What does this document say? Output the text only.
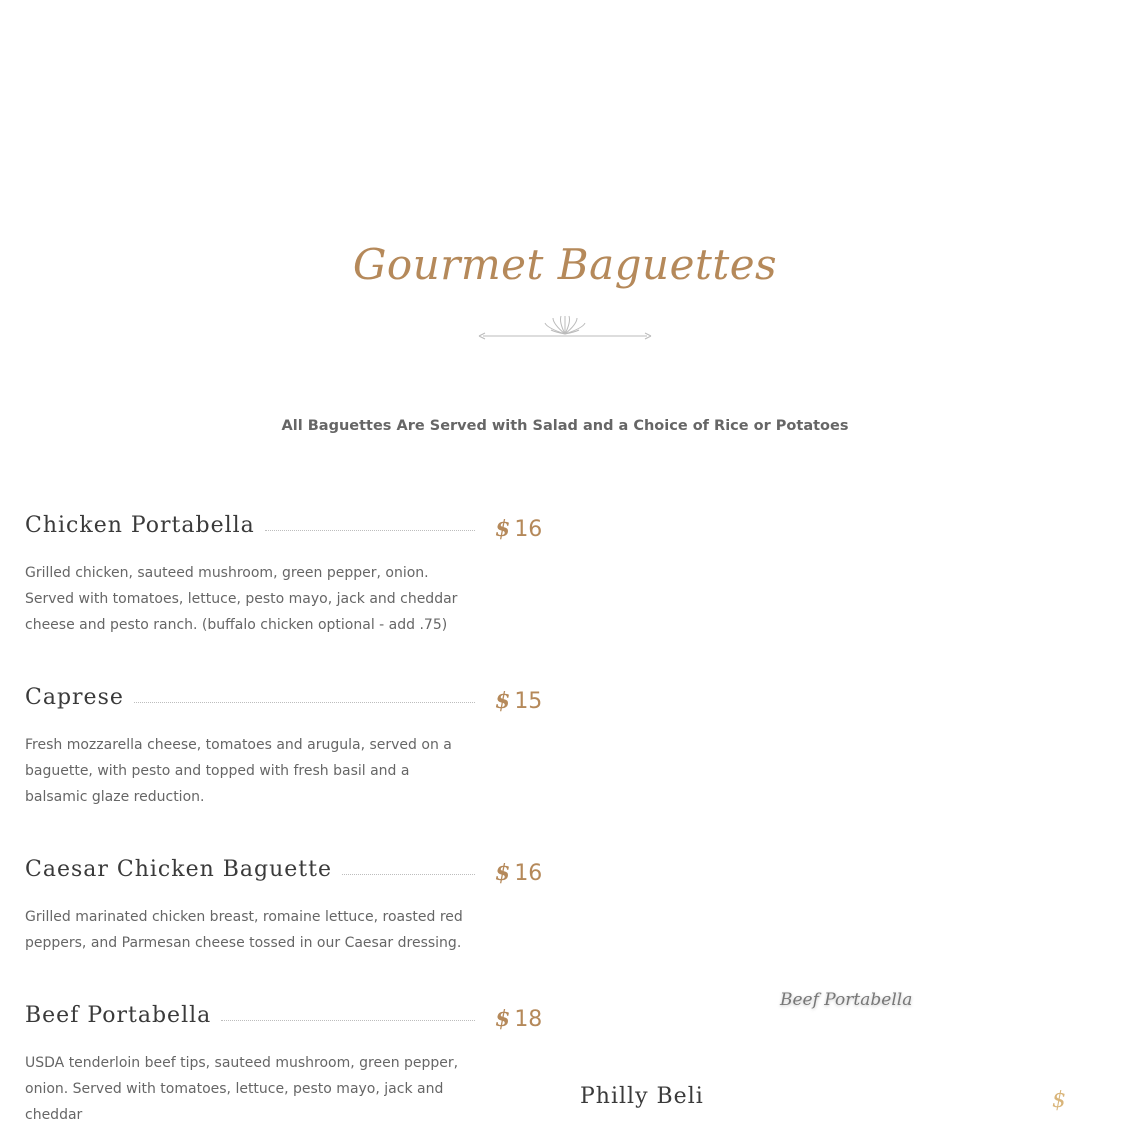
Gourmet Baguettes
All Baguettes Are Served with Salad and a Choice of Rice or Potatoes
Chicken Portabella	$ 16
Grilled chicken, sauteed mushroom, green pepper, onion. Served with tomatoes, lettuce, pesto mayo, jack and cheddar cheese and pesto ranch. (buffalo chicken optional - add .75)
Caprese	$ 15
Fresh mozzarella cheese, tomatoes and arugula, served on a baguette, with pesto and topped with fresh basil and a balsamic glaze reduction.
Caesar Chicken Baguette	$ 16
Grilled marinated chicken breast, romaine lettuce, roasted red peppers, and Parmesan cheese tossed in our Caesar dressing.
Beef Portabella	$ 18
USDA tenderloin beef tips, sauteed mushroom, green pepper, onion. Served with tomatoes, lettuce, pesto mayo, jack and cheddar
Beef Portabella
Philly Beli	$
